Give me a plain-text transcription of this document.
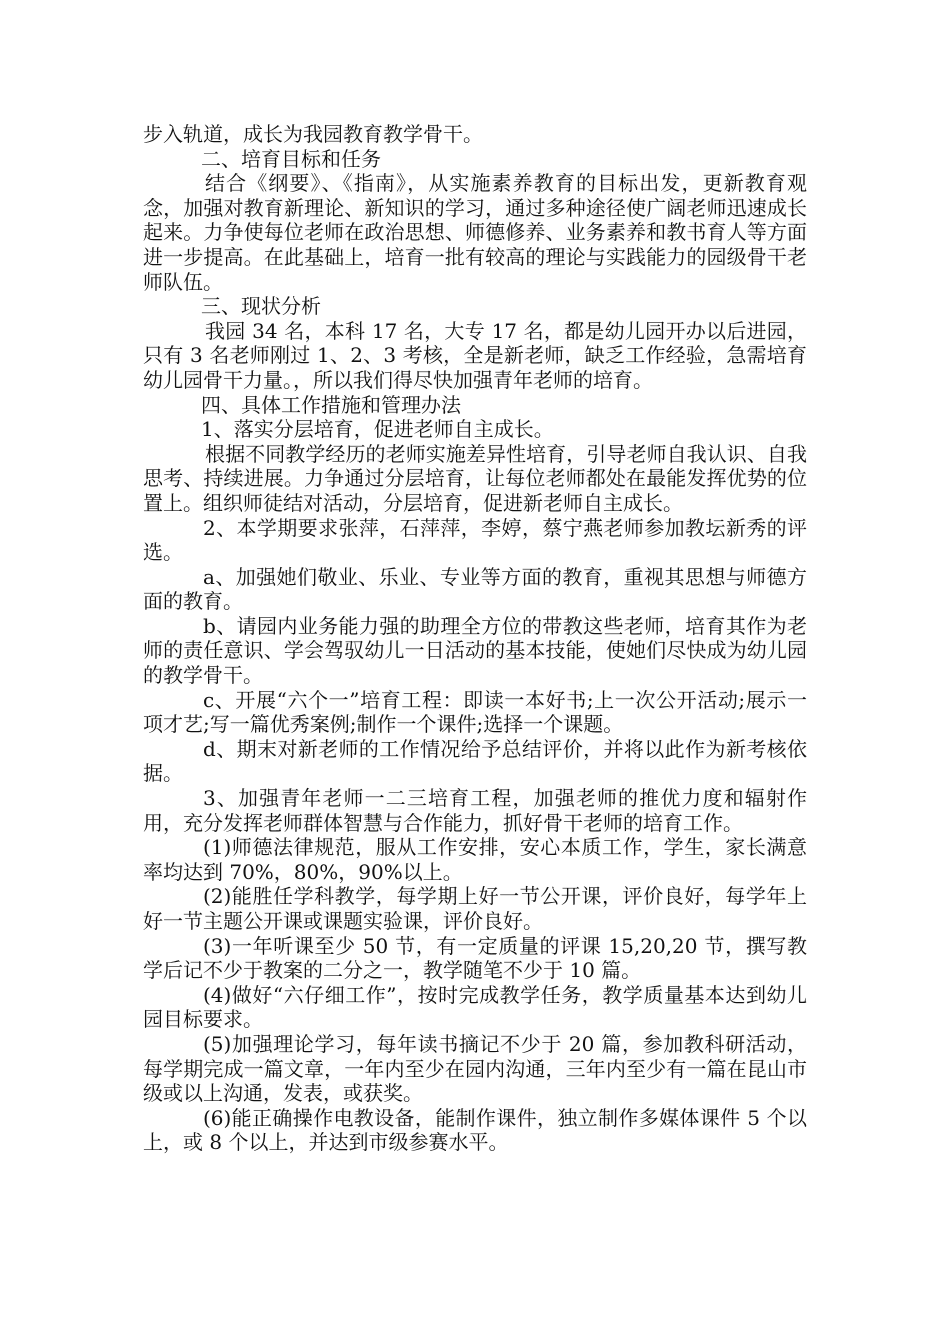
步入轨道，成长为我园教育教学骨干。

二、培育目标和任务

结合《纲要》、《指南》，从实施素养教育的目标出发，更新教育观念，加强对教育新理论、新知识的学习，通过多种途径使广阔老师迅速成长起来。力争使每位老师在政治思想、师德修养、业务素养和教书育人等方面进一步提高。在此基础上，培育一批有较高的理论与实践能力的园级骨干老师队伍。

三、现状分析

我园 34 名，本科 17 名，大专 17 名，都是幼儿园开办以后进园，只有 3 名老师刚过 1、2、3 考核，全是新老师，缺乏工作经验，急需培育幼儿园骨干力量。，所以我们得尽快加强青年老师的培育。

四、具体工作措施和管理办法

1、落实分层培育，促进老师自主成长。

根据不同教学经历的老师实施差异性培育，引导老师自我认识、自我思考、持续进展。力争通过分层培育，让每位老师都处在最能发挥优势的位置上。组织师徒结对活动，分层培育，促进新老师自主成长。

2、本学期要求张萍，石萍萍，李婷，蔡宁燕老师参加教坛新秀的评选。

a、加强她们敬业、乐业、专业等方面的教育，重视其思想与师德方面的教育。

b、请园内业务能力强的助理全方位的带教这些老师，培育其作为老师的责任意识、学会驾驭幼儿一日活动的基本技能，使她们尽快成为幼儿园的教学骨干。

c、开展“六个一”培育工程：即读一本好书;上一次公开活动;展示一项才艺;写一篇优秀案例;制作一个课件;选择一个课题。

d、期末对新老师的工作情况给予总结评价，并将以此作为新考核依据。

3、加强青年老师一二三培育工程，加强老师的推优力度和辐射作用，充分发挥老师群体智慧与合作能力，抓好骨干老师的培育工作。

(1)师德法律规范，服从工作安排，安心本质工作，学生，家长满意率均达到 70%，80%，90%以上。

(2)能胜任学科教学，每学期上好一节公开课，评价良好，每学年上好一节主题公开课或课题实验课，评价良好。

(3)一年听课至少 50 节，有一定质量的评课 15,20,20 节，撰写教学后记不少于教案的二分之一，教学随笔不少于 10 篇。

(4)做好“六仔细工作”，按时完成教学任务，教学质量基本达到幼儿园目标要求。

(5)加强理论学习，每年读书摘记不少于 20 篇，参加教科研活动，每学期完成一篇文章，一年内至少在园内沟通，三年内至少有一篇在昆山市级或以上沟通，发表，或获奖。

(6)能正确操作电教设备，能制作课件，独立制作多媒体课件 5 个以上，或 8 个以上，并达到市级参赛水平。
